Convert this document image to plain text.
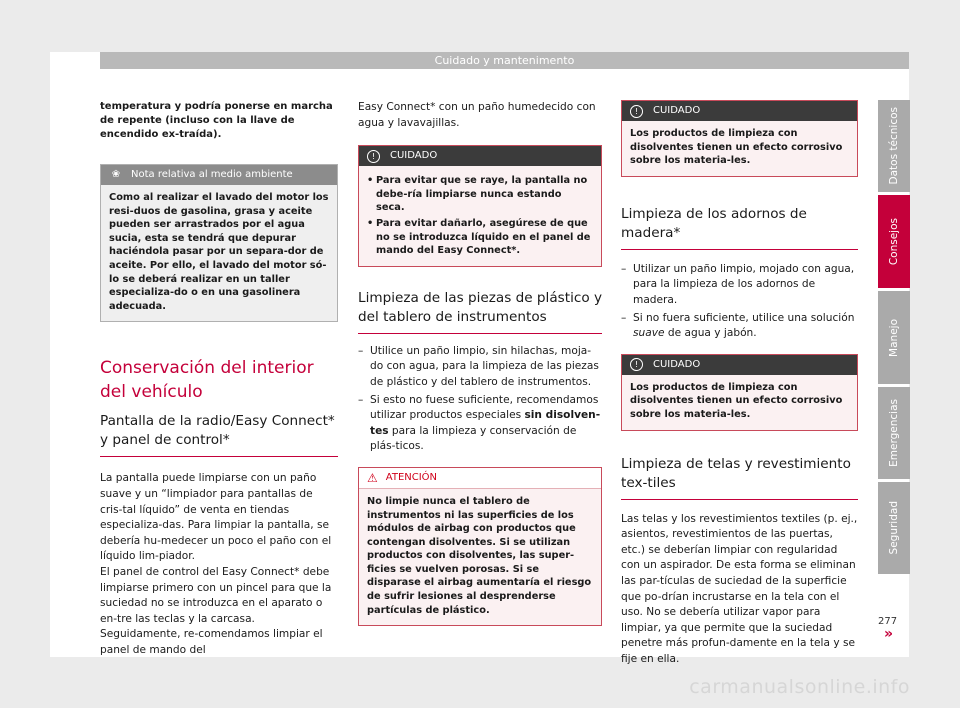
Cuidado y mantenimento

temperatura y podría ponerse en marcha de repente (incluso con la llave de encendido ex-traída).

❀ Nota relativa al medio ambiente
Como al realizar el lavado del motor los resi-duos de gasolina, grasa y aceite pueden ser arrastrados por el agua sucia, esta se tendrá que depurar haciéndola pasar por un separa-dor de aceite. Por ello, el lavado del motor só-lo se deberá realizar en un taller especializa-do o en una gasolinera adecuada.
Conservación del interior del vehículo
Pantalla de la radio/Easy Connect* y panel de control*

La pantalla puede limpiarse con un paño suave y un “limpiador para pantallas de cris-tal líquido” de venta en tiendas especializa-das. Para limpiar la pantalla, se debería hu-medecer un poco el paño con el líquido lim-piador.

El panel de control del Easy Connect* debe limpiarse primero con un pincel para que la suciedad no se introduzca en el aparato o en-tre las teclas y la carcasa. Seguidamente, re-comendamos limpiar el panel de mando del

Easy Connect* con un paño humedecido con agua y lavavajillas.

!	CUIDADO
• Para evitar que se raye, la pantalla no debe-ría limpiarse nunca estando seca.
• Para evitar dañarlo, asegúrese de que no se introduzca líquido en el panel de mando del Easy Connect*.
Limpieza de las piezas de plástico y del tablero de instrumentos
– Utilice un paño limpio, sin hilachas, moja-do con agua, para la limpieza de las piezas de plástico y del tablero de instrumentos.
– Si esto no fuese suficiente, recomendamos utilizar productos especiales sin disolven-tes para la limpieza y conservación de plás-ticos.
⚠ ATENCIÓN
No limpie nunca el tablero de instrumentos ni las superficies de los módulos de airbag con productos que contengan disolventes. Si se utilizan productos con disolventes, las super-ficies se vuelven porosas. Si se disparase el airbag aumentaría el riesgo de sufrir lesiones al desprenderse partículas de plástico.
!	CUIDADO
Los productos de limpieza con disolventes tienen un efecto corrosivo sobre los materia-les.
Limpieza de los adornos de madera*
– Utilizar un paño limpio, mojado con agua, para la limpieza de los adornos de madera.
– Si no fuera suficiente, utilice una solución suave de agua y jabón.
!	CUIDADO
Los productos de limpieza con disolventes tienen un efecto corrosivo sobre los materia-les.
Limpieza de telas y revestimiento tex-tiles

Las telas y los revestimientos textiles (p. ej., asientos, revestimientos de las puertas, etc.) se deberían limpiar con regularidad con un aspirador. De esta forma se eliminan las par-tículas de suciedad de la superficie que po-drían incrustarse en la tela con el uso. No se debería utilizar vapor para limpiar, ya que permite que la suciedad penetre más profun-damente en la tela y se fije en ella.

»
Datos técnicos
Consejos
Manejo
Emergencias
Seguridad
277
carmanualsonline.info
